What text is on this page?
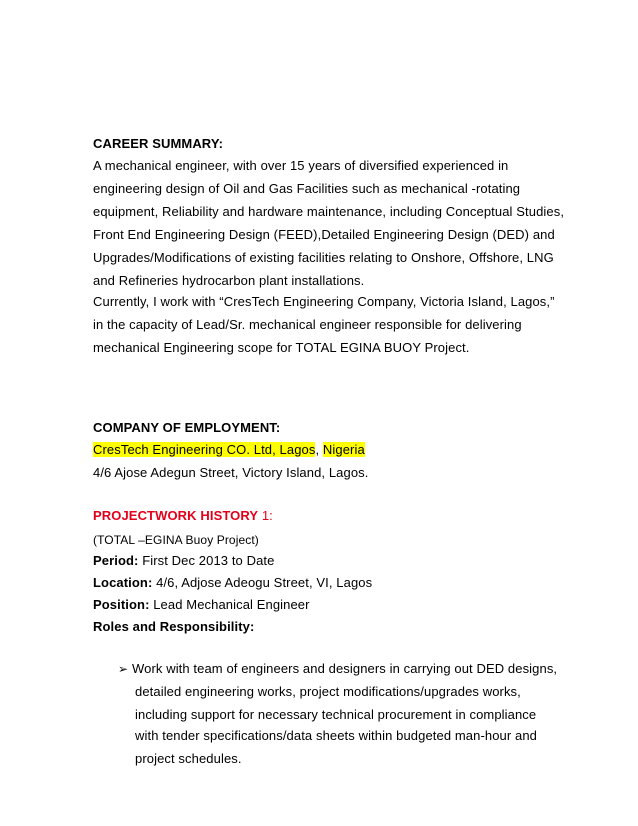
CAREER SUMMARY:
A mechanical engineer, with over 15 years of diversified experienced in
engineering design of Oil and Gas Facilities such as mechanical -rotating
equipment, Reliability and hardware maintenance, including Conceptual Studies,
Front End Engineering Design (FEED),Detailed Engineering Design (DED) and
Upgrades/Modifications of existing facilities relating to Onshore, Offshore, LNG
and Refineries hydrocarbon plant installations.
Currently, I work with “CresTech Engineering Company, Victoria Island, Lagos,”
in the capacity of Lead/Sr. mechanical engineer responsible for delivering
mechanical Engineering scope for TOTAL EGINA BUOY Project.
COMPANY OF EMPLOYMENT:
CresTech Engineering CO. Ltd, Lagos, Nigeria
4/6 Ajose Adegun Street, Victory Island, Lagos.
PROJECTWORK HISTORY 1:
(TOTAL –EGINA Buoy Project)
Period: First Dec 2013 to Date
Location: 4/6, Adjose Adeogu Street, VI, Lagos
Position: Lead Mechanical Engineer
Roles and Responsibility:
➢ Work with team of engineers and designers in carrying out DED designs,
detailed engineering works, project modifications/upgrades works,
including support for necessary technical procurement in compliance
with tender specifications/data sheets within budgeted man-hour and
project schedules.
